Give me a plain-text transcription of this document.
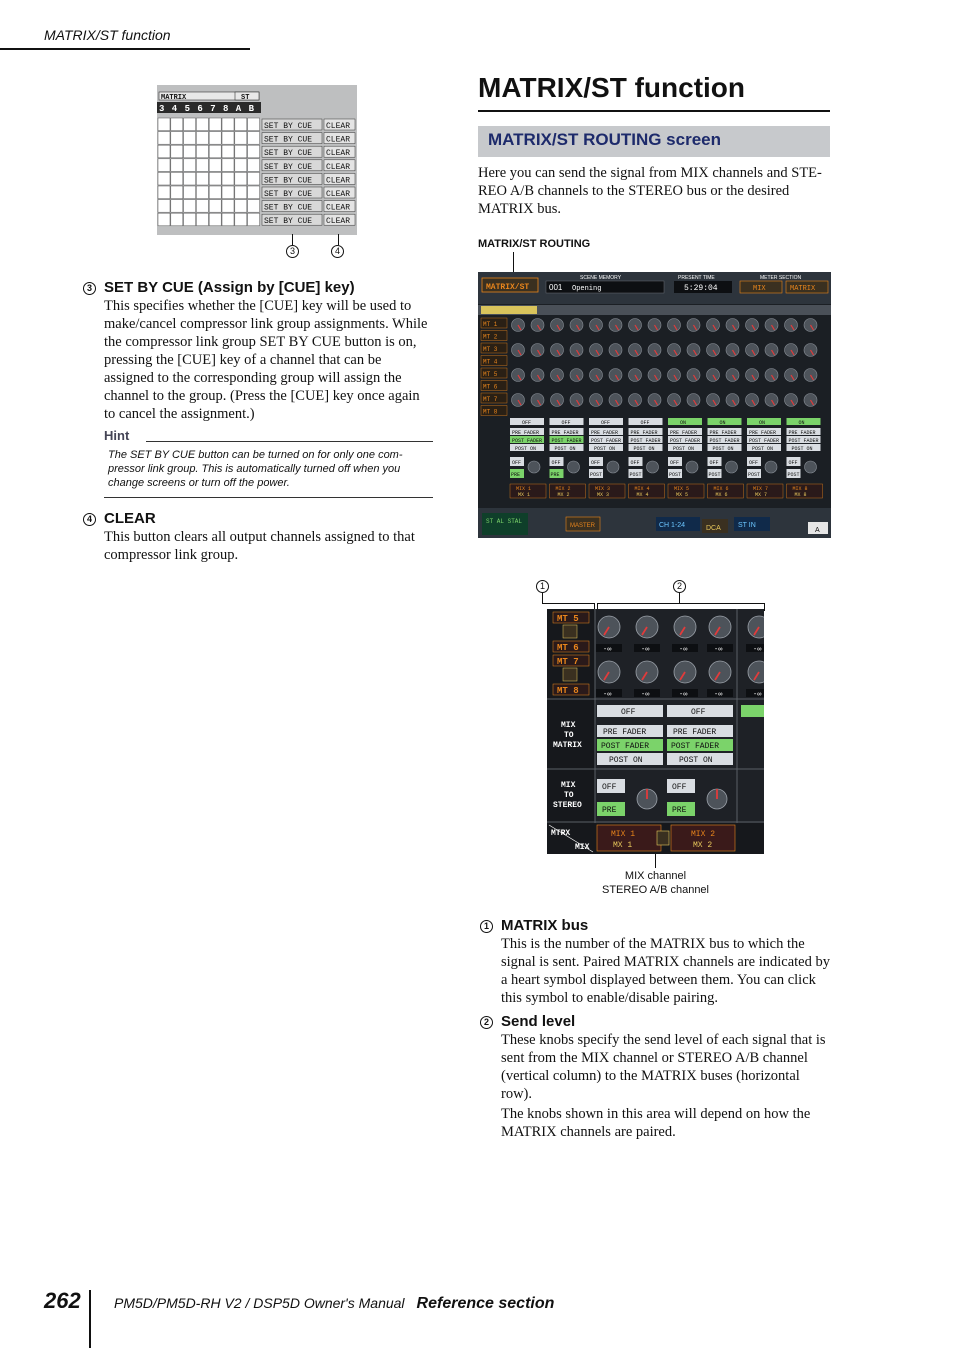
MATRIX/ST function
MATRIX	ST
3 4 5 6 7 8 A B
SET BY CUE CLEAR
SET BY CUE CLEAR
SET BY CUE CLEAR
SET BY CUE CLEAR
SET BY CUE CLEAR
SET BY CUE CLEAR
SET BY CUE CLEAR
SET BY CUE CLEAR
3	4
3 SET BY CUE (Assign by [CUE] key)
This specifies whether the [CUE] key will be used to make/cancel compressor link group assignments. While the compressor link group SET BY CUE button is on, pressing the [CUE] key of a channel that can be assigned to the corresponding group will assign the channel to the group. (Press the [CUE] key once again to cancel the assignment.)
Hint
The SET BY CUE button can be turned on for only one com-pressor link group. This is automatically turned off when you change screens or turn off the power.
4 CLEAR
This button clears all output channels assigned to that compressor link group.
MATRIX/ST function
MATRIX/ST ROUTING screen
Here you can send the signal from MIX channels and STE-REO A/B channels to the STEREO bus or the desired MATRIX bus.
MATRIX/ST ROUTING
MATRIX/ST
SCENE MEMORY
001 Opening
PRESENT TIME
5:29:04
METER SECTION
MIX	MATRIX
MT 1
MT 2
MT 3
MT 4
MT 5
MT 6
MT 7
MT 8
OFF
PRE FADER
POST FADER
POST ON
OFF
PRE
MIX 1
MX 1
OFF
PRE FADER
POST FADER
POST ON
OFF
PRE
MIX 2
MX 2
OFF
PRE FADER
POST FADER
POST ON
OFF
POST
MIX 3
MX 3
OFF
PRE FADER
POST FADER
POST ON
OFF
POST
MIX 4
MX 4
ON
PRE FADER
POST FADER
POST ON
OFF
POST
MIX 5
MX 5
ON
PRE FADER
POST FADER
POST ON
OFF
POST
MIX 6
MX 6
ON
PRE FADER
POST FADER
POST ON
OFF
POST
MIX 7
MX 7
ON
PRE FADER
POST FADER
POST ON
OFF
POST
MIX 8
MX 8
ST AL STAL
MASTER	CH 1-24	DCA ST IN
A
1	2
MT 5
MT 6
MT 7
MT 8
-∞	-∞	-∞	-∞	-∞
-∞	-∞	-∞	-∞	-∞
MIX
TO
MATRIX
MIX
TO
STEREO
OFF
PRE FADER
POST FADER
POST ON
OFF
PRE
OFF
PRE FADER
POST FADER
POST ON
OFF
PRE
MTRX
MIX
MIX 1
MX 1
MIX 2
MX 2
MIX channel
STEREO A/B channel
1 MATRIX bus
This is the number of the MATRIX bus to which the signal is sent. Paired MATRIX channels are indicated by a heart symbol displayed between them. You can click this symbol to enable/disable pairing.
2 Send level
These knobs specify the send level of each signal that is sent from the MIX channel or STEREO A/B channel (vertical column) to the MATRIX buses (horizontal row).
The knobs shown in this area will depend on how the MATRIX channels are paired.
262 PM5D/PM5D-RH V2 / DSP5D Owner's Manual Reference section
